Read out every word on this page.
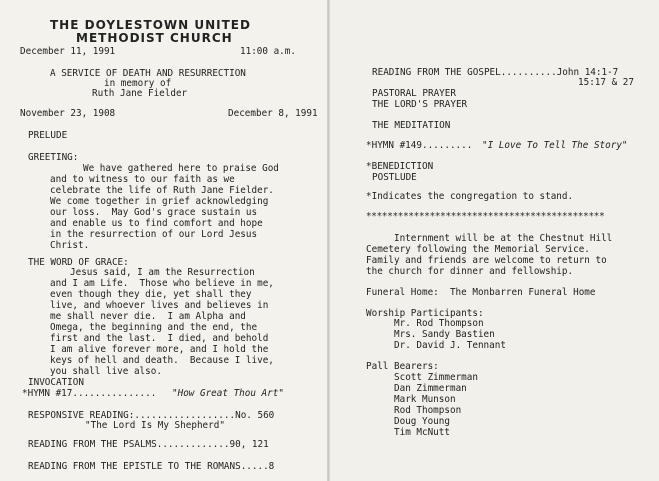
THE DOYLESTOWN UNITED

METHODIST CHURCH

December 11, 1991

	11:00 a.m.

A SERVICE OF DEATH AND RESURRECTION

in memory of

Ruth Jane Fielder

November 23, 1908

	December 8, 1991

PRELUDE

GREETING:

We have gathered here to praise God

and to witness to our faith as we

celebrate the life of Ruth Jane Fielder.

We come together in grief acknowledging

our loss.  May God's grace sustain us

and enable us to find comfort and hope

in the resurrection of our Lord Jesus

Christ.

THE WORD OF GRACE:

Jesus said, I am the Resurrection

and I am Life.  Those who believe in me,

even though they die, yet shall they

live, and whoever lives and believes in

me shall never die.  I am Alpha and

Omega, the beginning and the end, the

first and the last.  I died, and behold

I am alive forever more, and I hold the

keys of hell and death.  Because I live,

you shall live also.

INVOCATION

*HYMN #17...............

"How Great Thou Art"

RESPONSIVE READING:..................No. 560

"The Lord Is My Shepherd"

READING FROM THE PSALMS.............90, 121

READING FROM THE EPISTLE TO THE ROMANS.....8

READING FROM THE GOSPEL..........John 14:1-7

15:17 & 27

PASTORAL PRAYER

THE LORD'S PRAYER

THE MEDITATION

*HYMN #149.........

"I Love To Tell The Story"

*BENEDICTION

POSTLUDE

*Indicates the congregation to stand.

*********************************************

Internment will be at the Chestnut Hill

Cemetery following the Memorial Service.

Family and friends are welcome to return to

the church for dinner and fellowship.

Funeral Home:  The Monbarren Funeral Home

Worship Participants:

Mr. Rod Thompson

Mrs. Sandy Bastien

Dr. David J. Tennant

Pall Bearers:

Scott Zimmerman

Dan Zimmerman

Mark Munson

Rod Thompson

Doug Young

Tim McNutt
